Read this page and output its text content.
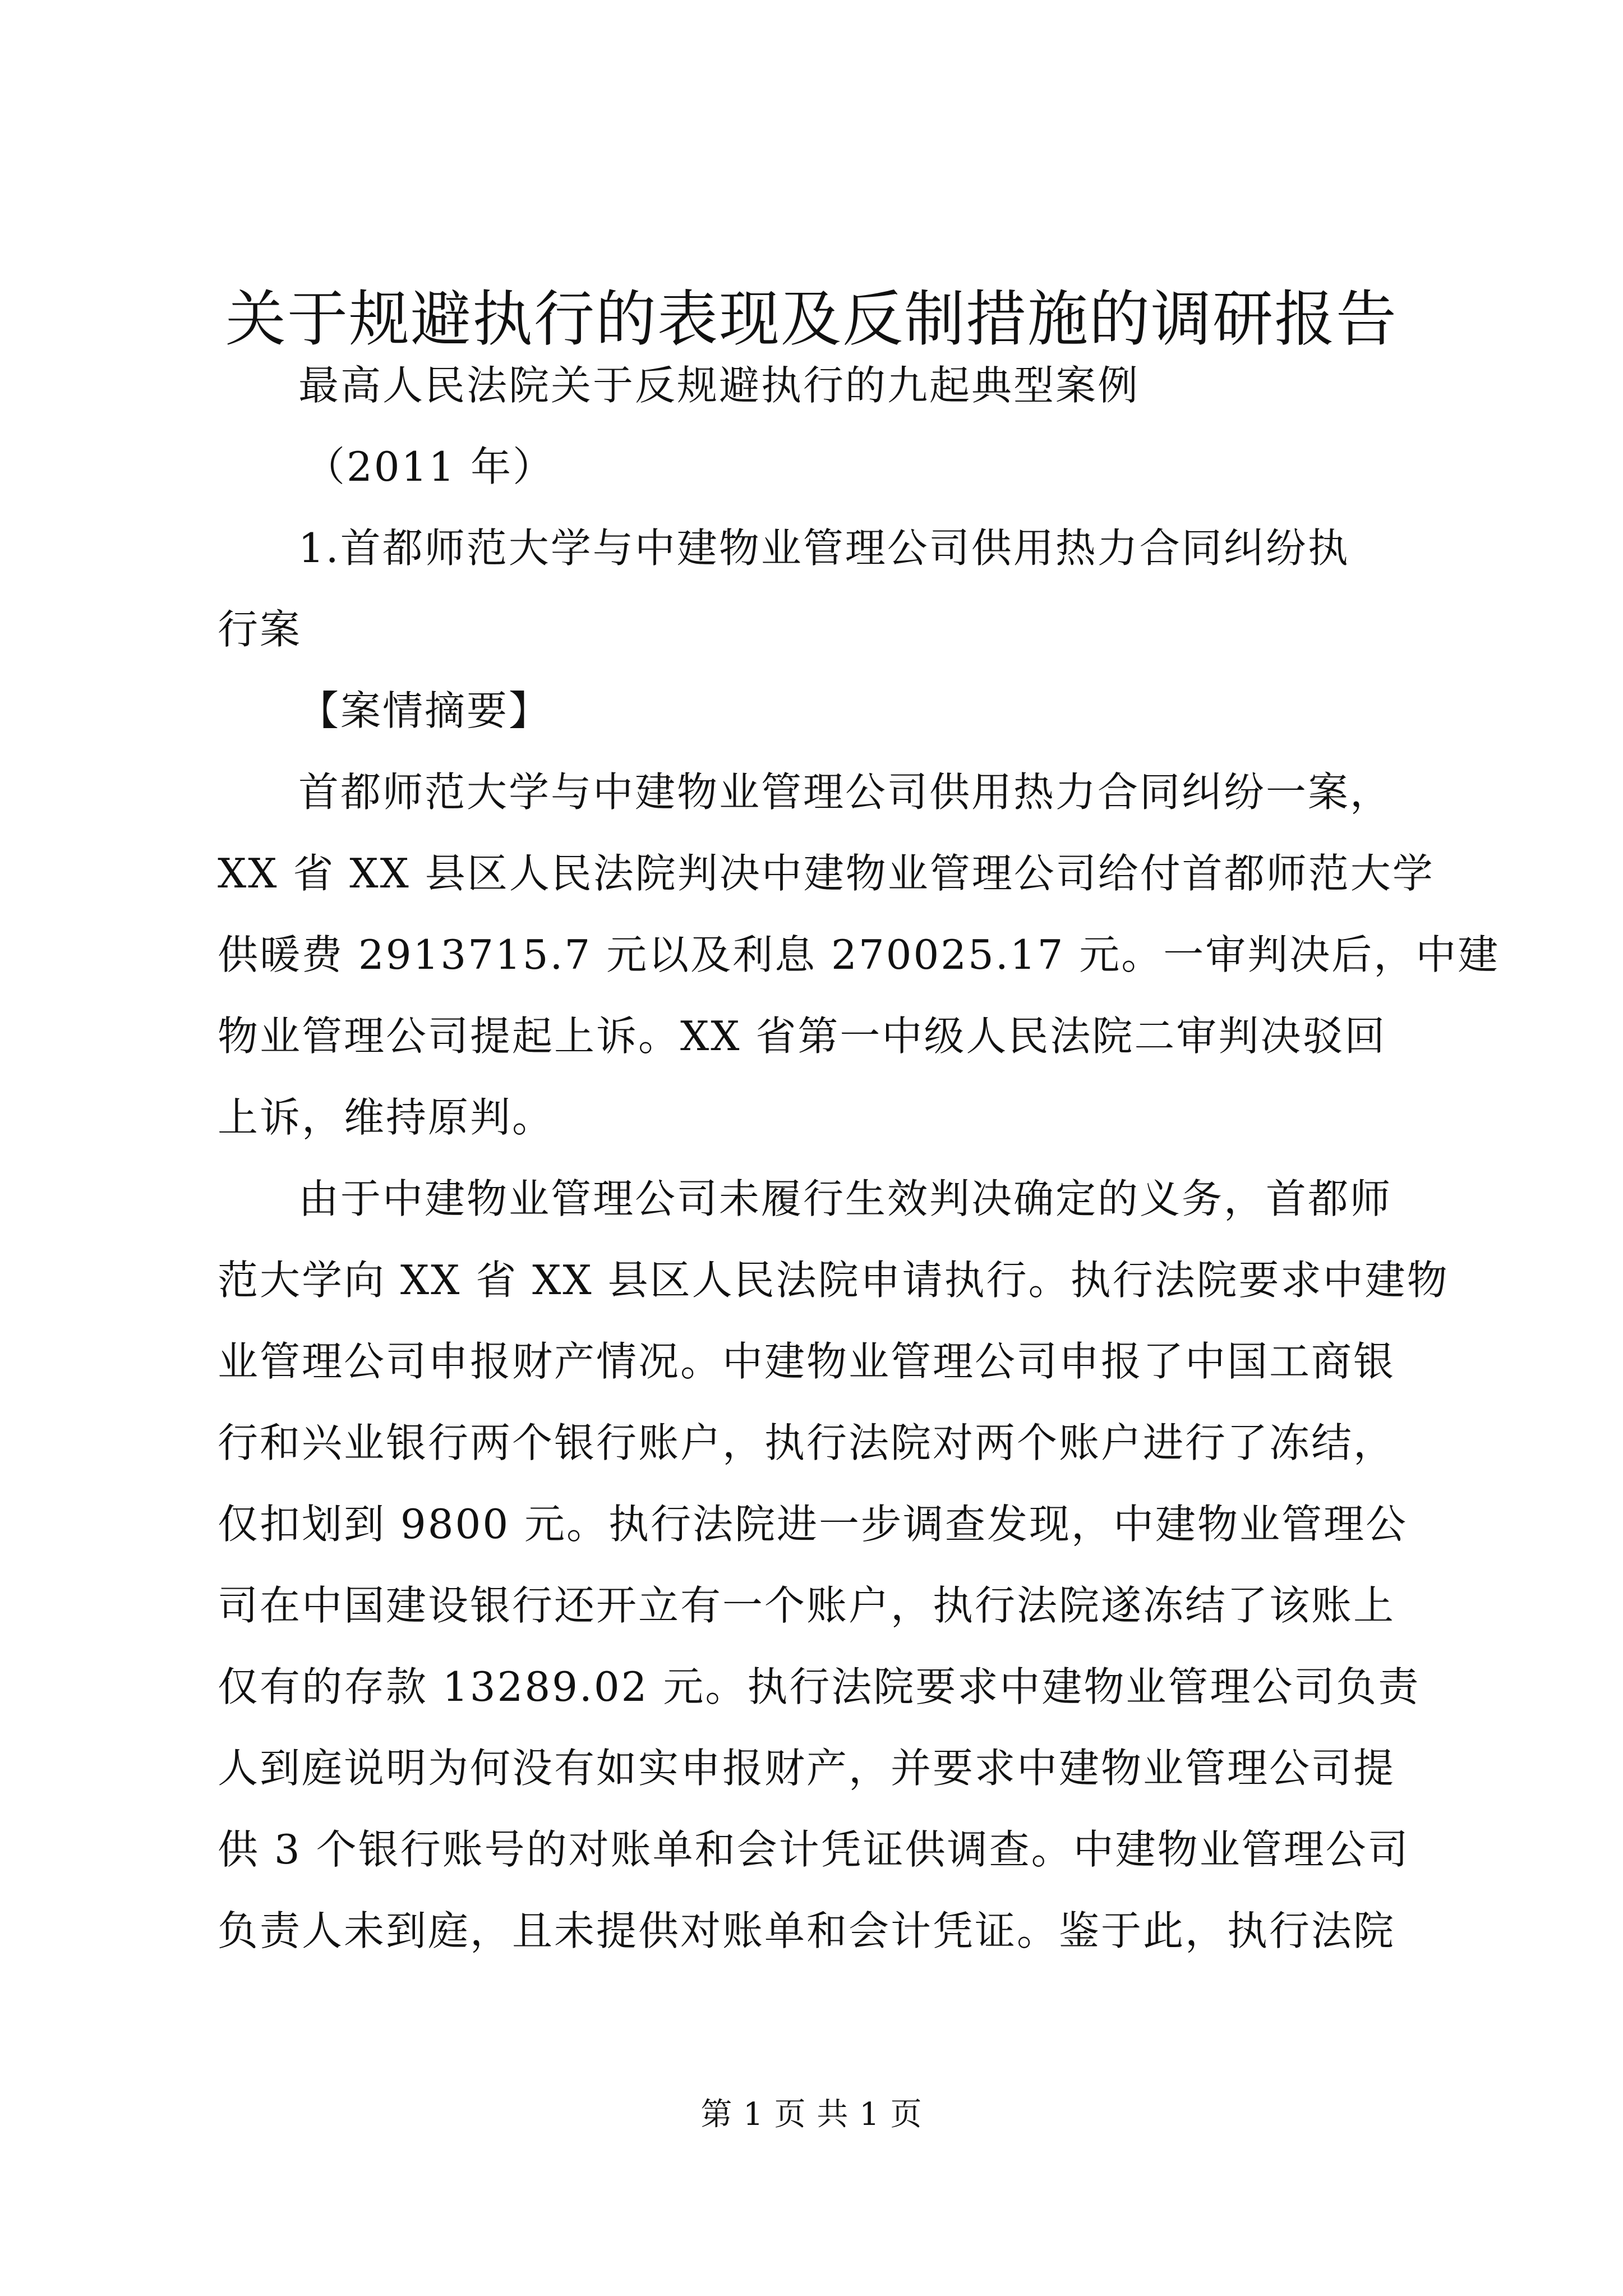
关于规避执行的表现及反制措施的调研报告
最高人民法院关于反规避执行的九起典型案例
（2011 年）
1.首都师范大学与中建物业管理公司供用热力合同纠纷执
行案
【案情摘要】
首都师范大学与中建物业管理公司供用热力合同纠纷一案，
XX 省 XX 县区人民法院判决中建物业管理公司给付首都师范大学
供暖费 2913715.7 元以及利息 270025.17 元。一审判决后，中建
物业管理公司提起上诉。XX 省第一中级人民法院二审判决驳回
上诉，维持原判。
由于中建物业管理公司未履行生效判决确定的义务，首都师
范大学向 XX 省 XX 县区人民法院申请执行。执行法院要求中建物
业管理公司申报财产情况。中建物业管理公司申报了中国工商银
行和兴业银行两个银行账户，执行法院对两个账户进行了冻结，
仅扣划到 9800 元。执行法院进一步调查发现，中建物业管理公
司在中国建设银行还开立有一个账户，执行法院遂冻结了该账上
仅有的存款 13289.02 元。执行法院要求中建物业管理公司负责
人到庭说明为何没有如实申报财产，并要求中建物业管理公司提
供 3 个银行账号的对账单和会计凭证供调查。中建物业管理公司
负责人未到庭，且未提供对账单和会计凭证。鉴于此，执行法院
第 1 页 共 1 页
